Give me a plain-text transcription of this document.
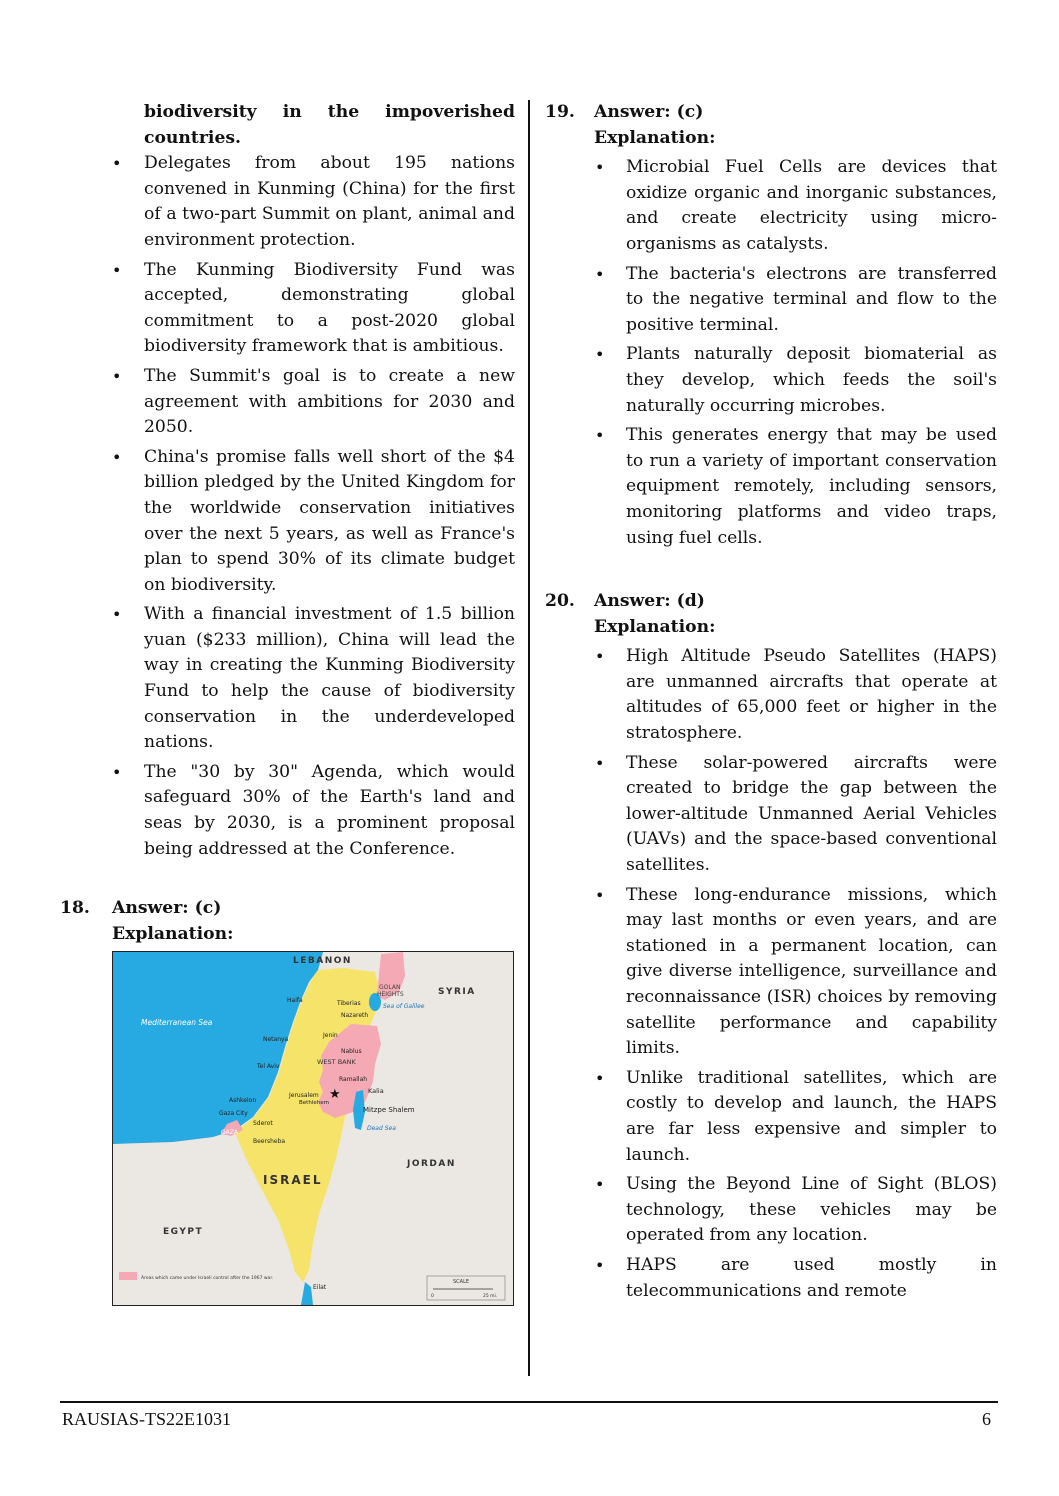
biodiversity in the impoverished countries.

• Delegates from about 195 nations convened in Kunming (China) for the first of a two-part Summit on plant, animal and environment protection.
• The Kunming Biodiversity Fund was accepted, demonstrating global commitment to a post-2020 global biodiversity framework that is ambitious.
• The Summit's goal is to create a new agreement with ambitions for 2030 and 2050.
• China's promise falls well short of the $4 billion pledged by the United Kingdom for the worldwide conservation initiatives over the next 5 years, as well as France's plan to spend 30% of its climate budget on biodiversity.
• With a financial investment of 1.5 billion yuan ($233 million), China will lead the way in creating the Kunming Biodiversity Fund to help the cause of biodiversity conservation in the underdeveloped nations.
• The "30 by 30" Agenda, which would safeguard 30% of the Earth's land and seas by 2030, is a prominent proposal being addressed at the Conference.
18. Answer: (c)
Explanation:
★
LEBANON
SYRIA
JORDAN
ISRAEL
EGYPT
GOLAN
HEIGHTS
WEST BANK
GAZA
Mediterranean Sea
Sea of Galilee
Dead Sea
Haifa	Tiberias
Nazareth
Jenin
Netanya
Nablus
Tel Aviv
Ramallah
Jerusalem
Bethlehem
Kalia
Mitzpe Shalem
Ashkelon
Gaza City
Sderot
Beersheba
Eilat
Areas which came under Israeli control after the 1967 war.
SCALE
0	25 mi.
19. Answer: (c)
Explanation:
• Microbial Fuel Cells are devices that oxidize organic and inorganic substances, and create electricity using micro-organisms as catalysts.
• The bacteria's electrons are transferred to the negative terminal and flow to the positive terminal.
• Plants naturally deposit biomaterial as they develop, which feeds the soil's naturally occurring microbes.
• This generates energy that may be used to run a variety of important conservation equipment remotely, including sensors, monitoring platforms and video traps, using fuel cells.
20. Answer: (d)
Explanation:
• High Altitude Pseudo Satellites (HAPS) are unmanned aircrafts that operate at altitudes of 65,000 feet or higher in the stratosphere.
• These solar-powered aircrafts were created to bridge the gap between the lower-altitude Unmanned Aerial Vehicles (UAVs) and the space-based conventional satellites.
• These long-endurance missions, which may last months or even years, and are stationed in a permanent location, can give diverse intelligence, surveillance and reconnaissance (ISR) choices by removing satellite performance and capability limits.
• Unlike traditional satellites, which are costly to develop and launch, the HAPS are far less expensive and simpler to launch.
• Using the Beyond Line of Sight (BLOS) technology, these vehicles may be operated from any location.
• HAPS are used mostly in telecommunications and remote
RAUSIAS-TS22E1031	6
